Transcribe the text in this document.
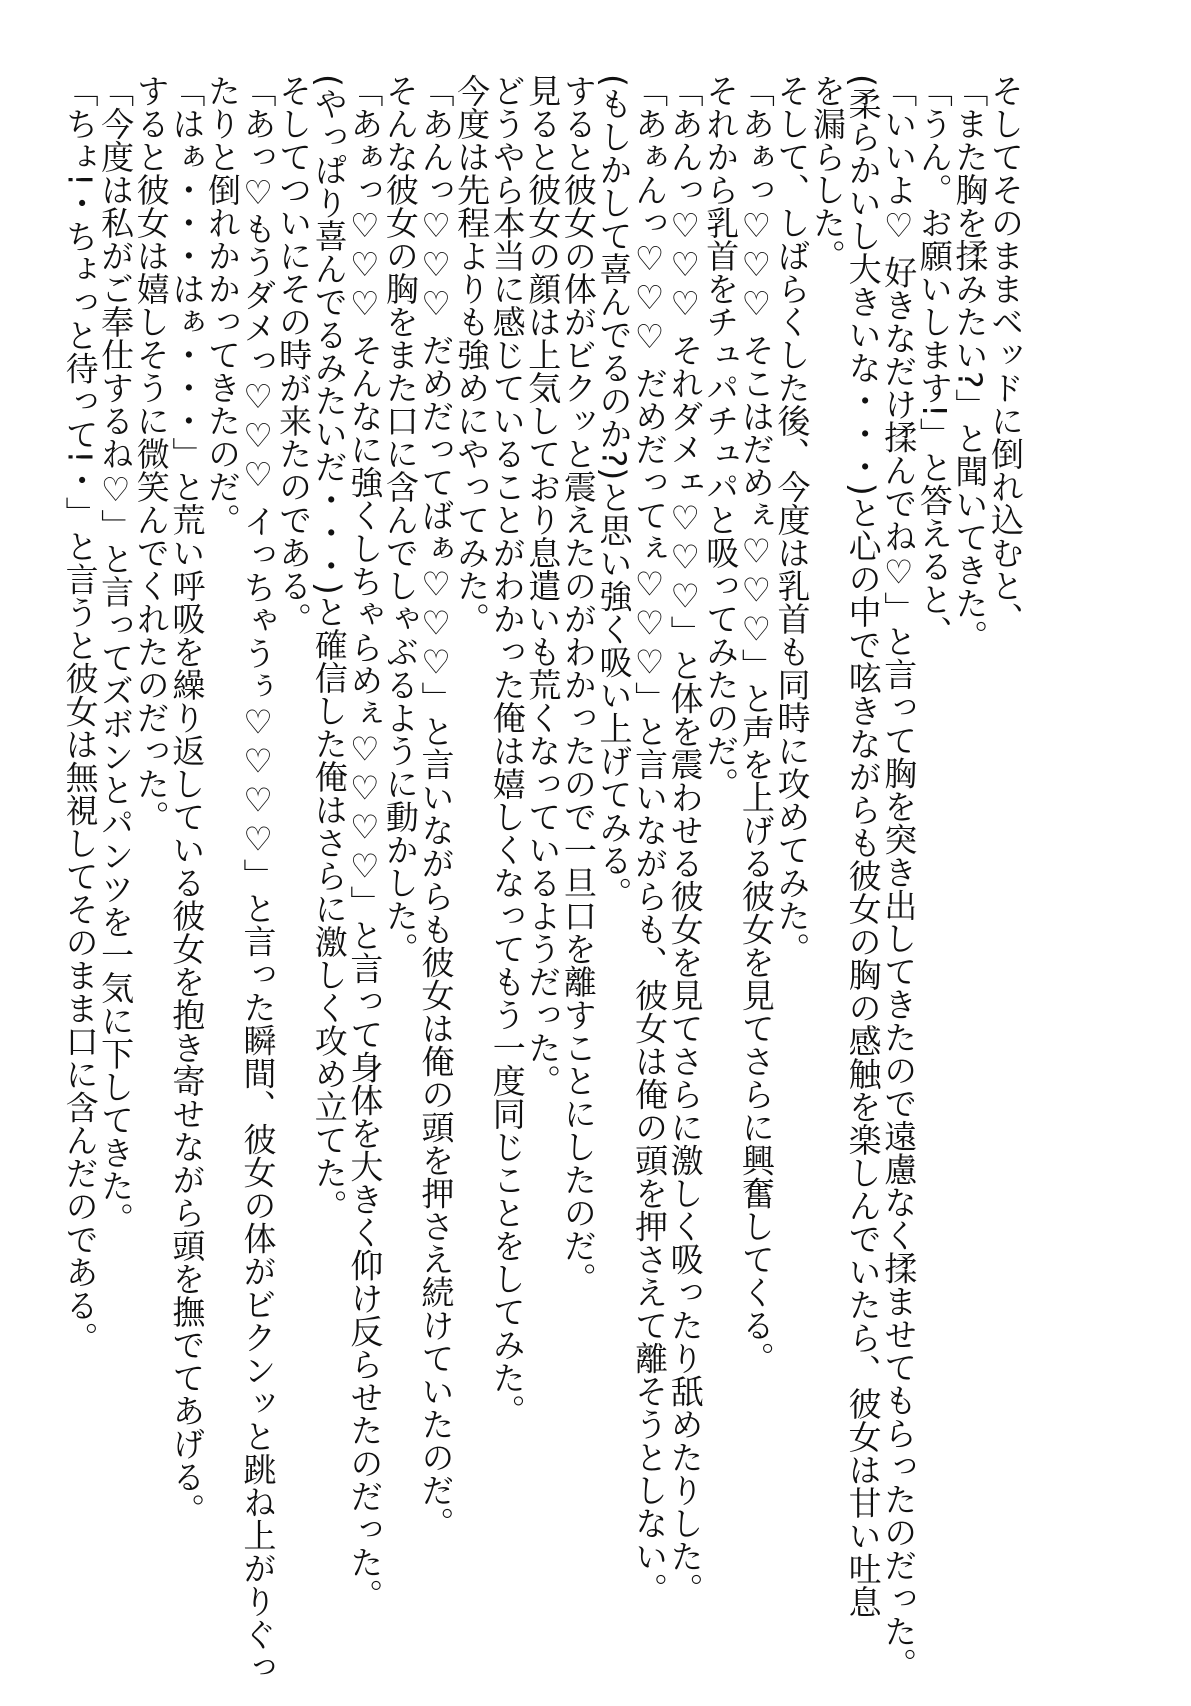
そしてそのままベッドに倒れ込むと、
「また胸を揉みたい?」と聞いてきた。
「うん。お願いします!」と答えると、
「いいよ♡ 好きなだけ揉んでね♡」と言って胸を突き出してきたので遠慮なく揉ませてもらったのだった。
(柔らかいし大きいな・・・)と心の中で呟きながらも彼女の胸の感触を楽しんでいたら、彼女は甘い吐息
を漏らした。
そして、しばらくした後、今度は乳首も同時に攻めてみた。
「あぁっ♡♡♡ そこはだめぇ♡♡♡」と声を上げる彼女を見てさらに興奮してくる。
それから乳首をチュパチュパと吸ってみたのだ。
「あんっ♡♡♡ それダメェ♡♡♡」と体を震わせる彼女を見てさらに激しく吸ったり舐めたりした。
「あぁんっ♡♡♡ だめだってぇ♡♡♡」と言いながらも、彼女は俺の頭を押さえて離そうとしない。
(もしかして喜んでるのか?)と思い強く吸い上げてみる。
すると彼女の体がビクッと震えたのがわかったので一旦口を離すことにしたのだ。
見ると彼女の顔は上気しており息遣いも荒くなっているようだった。
どうやら本当に感じていることがわかった俺は嬉しくなってもう一度同じことをしてみた。
今度は先程よりも強めにやってみた。
「あんっ♡♡♡ だめだってばぁ♡♡♡」と言いながらも彼女は俺の頭を押さえ続けていたのだ。
そんな彼女の胸をまた口に含んでしゃぶるように動かした。
「あぁっ♡♡♡ そんなに強くしちゃらめぇ♡♡♡♡」と言って身体を大きく仰け反らせたのだった。
(やっぱり喜んでるみたいだ・・・)と確信した俺はさらに激しく攻め立てた。
そしてついにその時が来たのである。
「あっ♡もうダメっ♡♡♡ イっちゃうぅ♡♡♡♡」と言った瞬間、彼女の体がビクンッと跳ね上がりぐっ
たりと倒れかかってきたのだ。
「はぁ・・・はぁ・・・」と荒い呼吸を繰り返している彼女を抱き寄せながら頭を撫でてあげる。
すると彼女は嬉しそうに微笑んでくれたのだった。
「今度は私がご奉仕するね♡」と言ってズボンとパンツを一気に下してきた。
「ちょ!・ちょっと待って!・」と言うと彼女は無視してそのまま口に含んだのである。
